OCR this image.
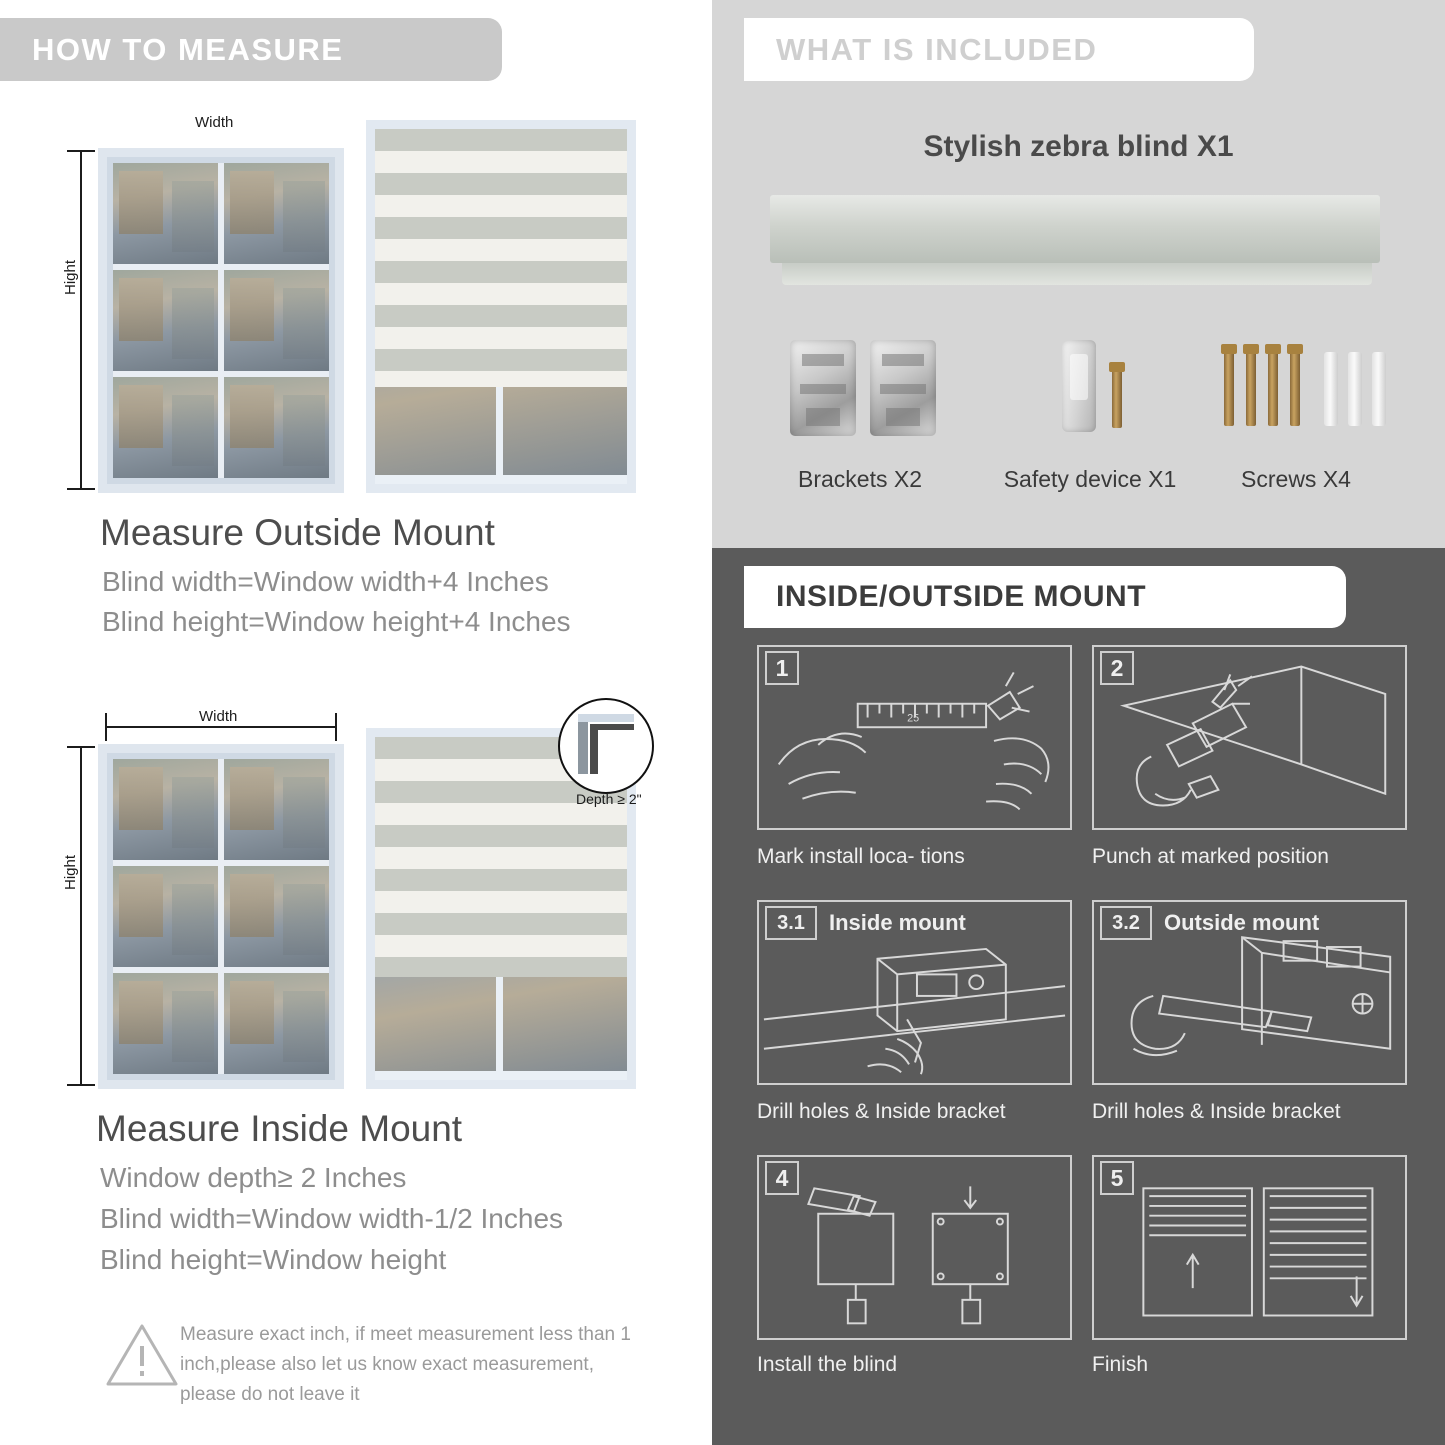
HOW TO MEASURE
Width
Hight
Measure Outside Mount
Blind width=Window width+4 Inches
Blind height=Window height+4 Inches
Width
Hight
Depth ≥ 2"
Measure Inside Mount
Window depth≥ 2 Inches
Blind width=Window width-1/2 Inches
Blind height=Window height
Measure exact inch, if meet measurement less than 1 inch,please also let us know exact measurement, please do not leave it
WHAT IS INCLUDED
Stylish zebra blind X1
Brackets X2	Safety device X1	Screws X4
INSIDE/OUTSIDE MOUNT
1
25
Mark install loca- tions
2
Punch at marked position
3.1	Inside mount
Drill holes & Inside bracket
3.2	Outside mount
Drill holes & Inside bracket
4
Install the blind
5
Finish
